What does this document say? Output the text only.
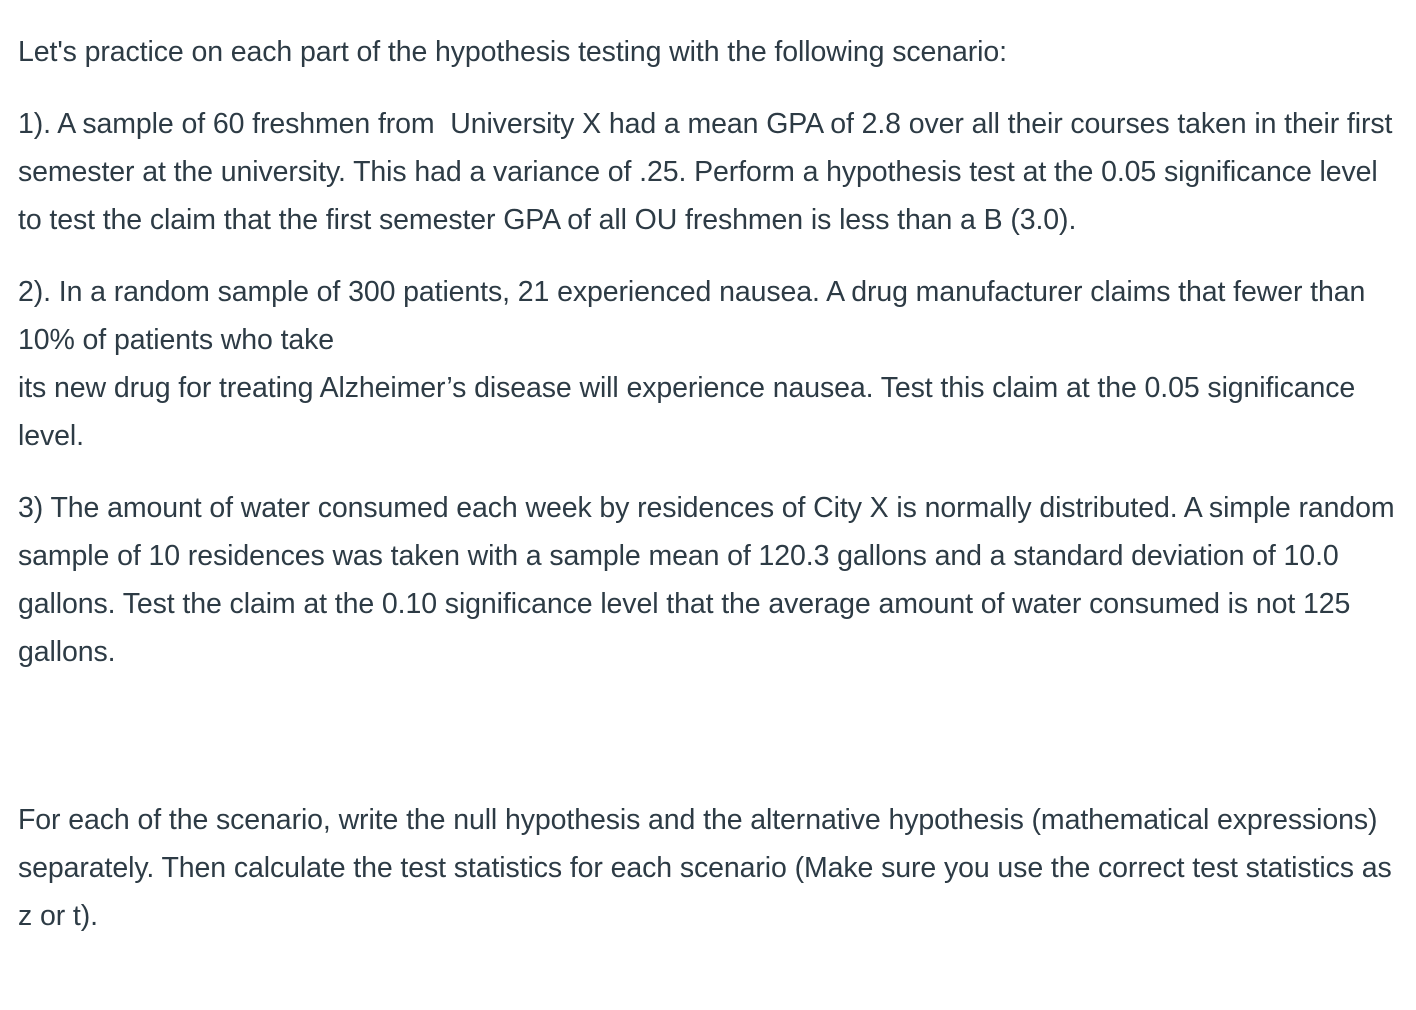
Let's practice on each part of the hypothesis testing with the following scenario:

1). A sample of 60 freshmen from  University X had a mean GPA of 2.8 over all their courses taken in their first semester at the university. This had a variance of .25. Perform a hypothesis test at the 0.05 significance level to test the claim that the first semester GPA of all OU freshmen is less than a B (3.0).

2). In a random sample of 300 patients, 21 experienced nausea. A drug manufacturer claims that fewer than 10% of patients who take

its new drug for treating Alzheimer’s disease will experience nausea. Test this claim at the 0.05 significance level.

3) The amount of water consumed each week by residences of City X is normally distributed. A simple random sample of 10 residences was taken with a sample mean of 120.3 gallons and a standard deviation of 10.0 gallons. Test the claim at the 0.10 significance level that the average amount of water consumed is not 125 gallons.

For each of the scenario, write the null hypothesis and the alternative hypothesis (mathematical expressions) separately. Then calculate the test statistics for each scenario (Make sure you use the correct test statistics as z or t).
